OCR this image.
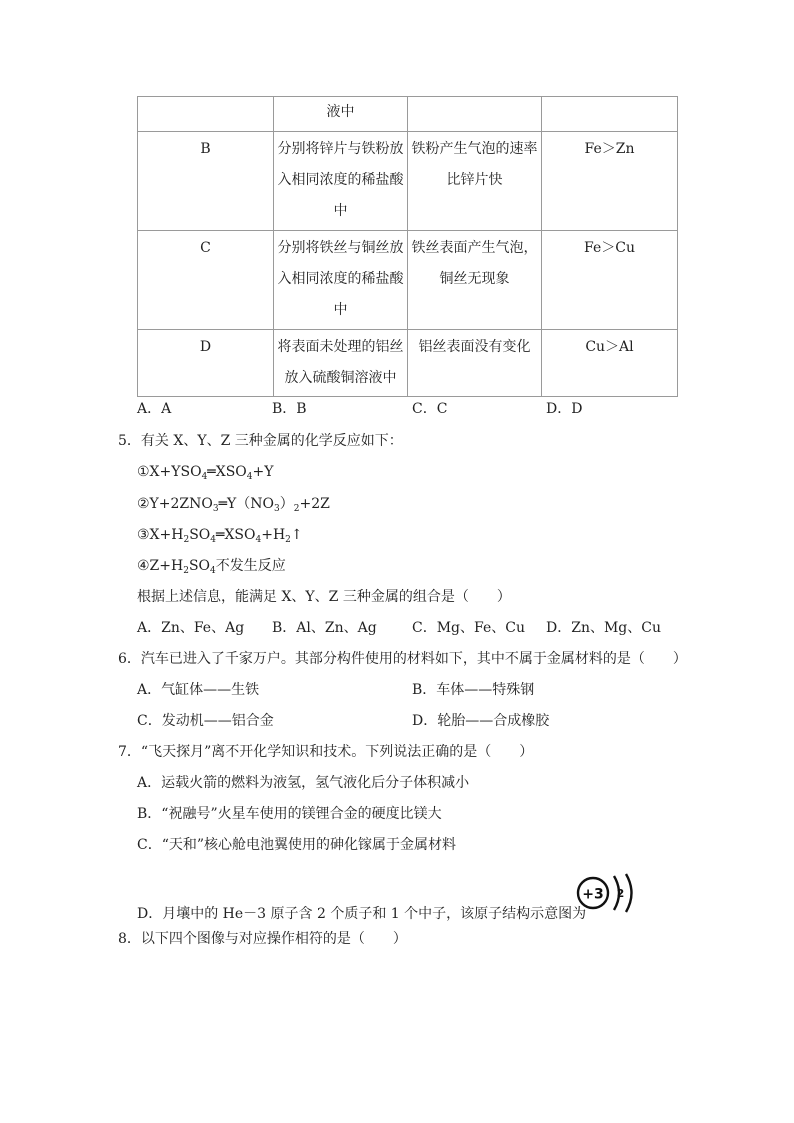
	液中		
B	分别将锌片与铁粉放入相同浓度的稀盐酸中	铁粉产生气泡的速率比锌片快	Fe＞Zn
C	分别将铁丝与铜丝放入相同浓度的稀盐酸中	铁丝表面产生气泡，铜丝无现象	Fe＞Cu
D	将表面未处理的铝丝放入硫酸铜溶液中	铝丝表面没有变化	Cu＞Al
A．A	B．B	C．C	D．D
5．有关 X、Y、Z 三种金属的化学反应如下：
$①X+YSO_4═XSO_4+Y$
$②Y+2ZNO_3═Y(NO_3)_2+2Z$
$③X+H_2SO_4═XSO_4+H_2↑$
$④Z+H_2SO_4$不发生反应
根据上述信息，能满足 X、Y、Z 三种金属的组合是（　　）
A．Zn、Fe、Ag B．Al、Zn、Ag	C．Mg、Fe、Cu D．Zn、Mg、Cu
6．汽车已进入了千家万户。其部分构件使用的材料如下，其中不属于金属材料的是（　　）
A．气缸体——生铁	B．车体——特殊钢
C．发动机——铝合金	D．轮胎——合成橡胶
7．“飞天探月”离不开化学知识和技术。下列说法正确的是（　　）
A．运载火箭的燃料为液氢，氢气液化后分子体积减小
B．“祝融号”火星车使用的镁锂合金的硬度比镁大
C．“天和”核心舱电池翼使用的砷化镓属于金属材料
D．月壤中的 He－3 原子含 2 个质子和 1 个中子，该原子结构示意图为
+3 2
8．以下四个图像与对应操作相符的是（　　）
